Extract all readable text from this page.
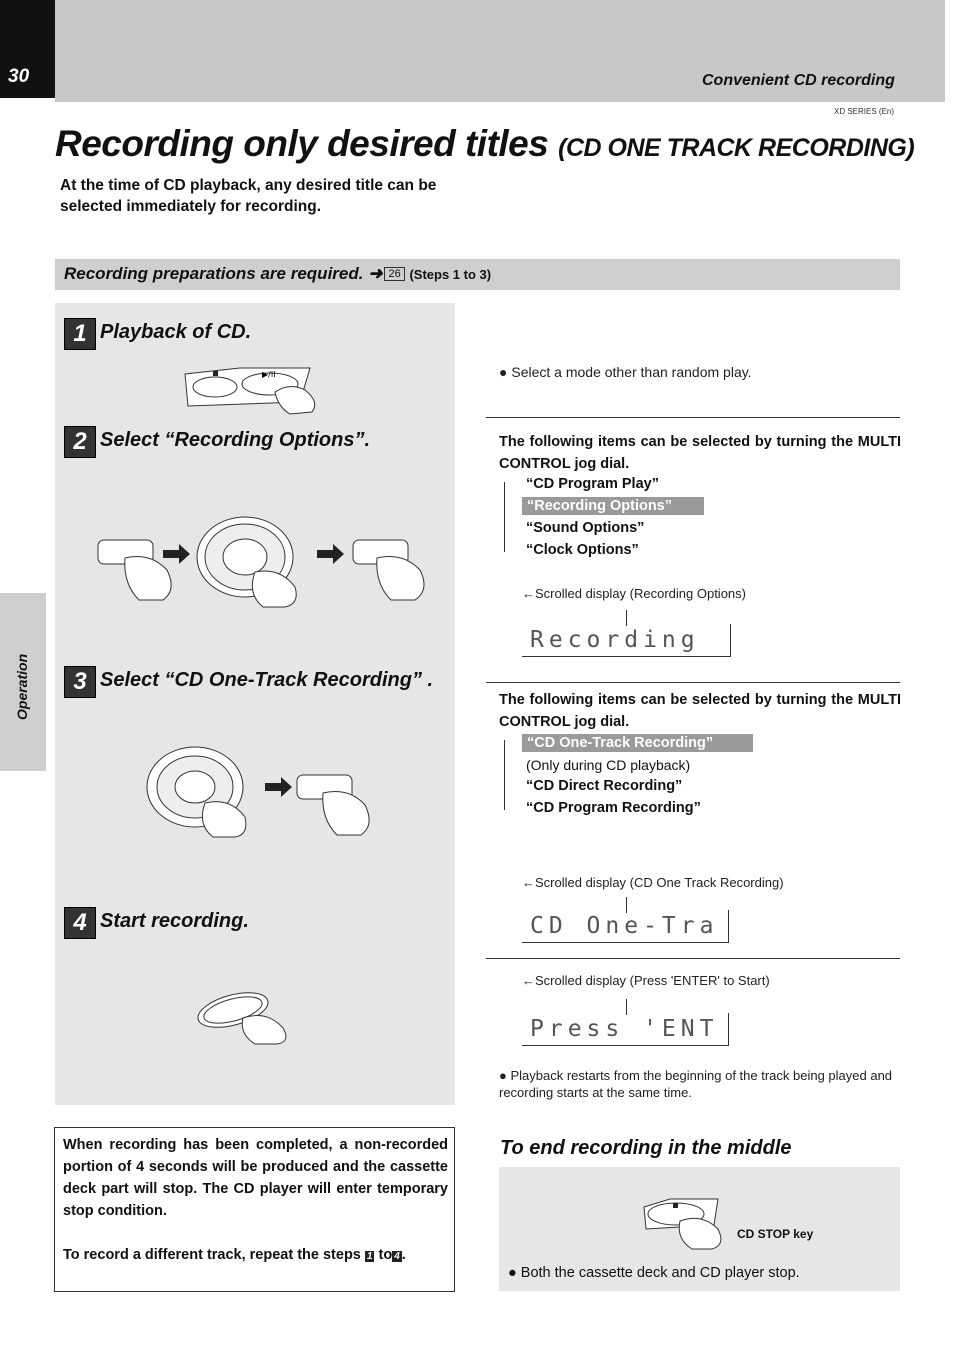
30	Convenient CD recording
XD SERIES (En)
Recording only desired titles (CD ONE TRACK RECORDING)
At the time of CD playback, any desired title can be selected immediately for recording.
Recording preparations are required. ➜ 26 (Steps 1 to 3)
Operation
1 Playback of CD.
▶/II
2 Select “Recording Options”.
3 Select “CD One-Track Recording” .
4 Start recording.
● Select a mode other than random play.
The following items can be selected by turning the MULTI CONTROL jog dial.
“CD Program Play”
“Recording Options”
“Sound Options”
“Clock Options”
←Scrolled display (Recording Options)
Recording
The following items can be selected by turning the MULTI CONTROL jog dial.
“CD One-Track Recording”
(Only during CD playback)
“CD Direct Recording”
“CD Program Recording”
←Scrolled display (CD One Track Recording)
CD One-Tra
←Scrolled display (Press 'ENTER' to Start)
Press 'ENT
● Playback restarts from the beginning of the track being played and recording starts at the same time.
When recording has been completed, a non-recorded portion of 4 seconds will be produced and the cassette deck part will stop. The CD player will enter temporary stop condition.
To record a different track, repeat the steps 1 to 4 .
To end recording in the middle
CD STOP key
● Both the cassette deck and CD player stop.
